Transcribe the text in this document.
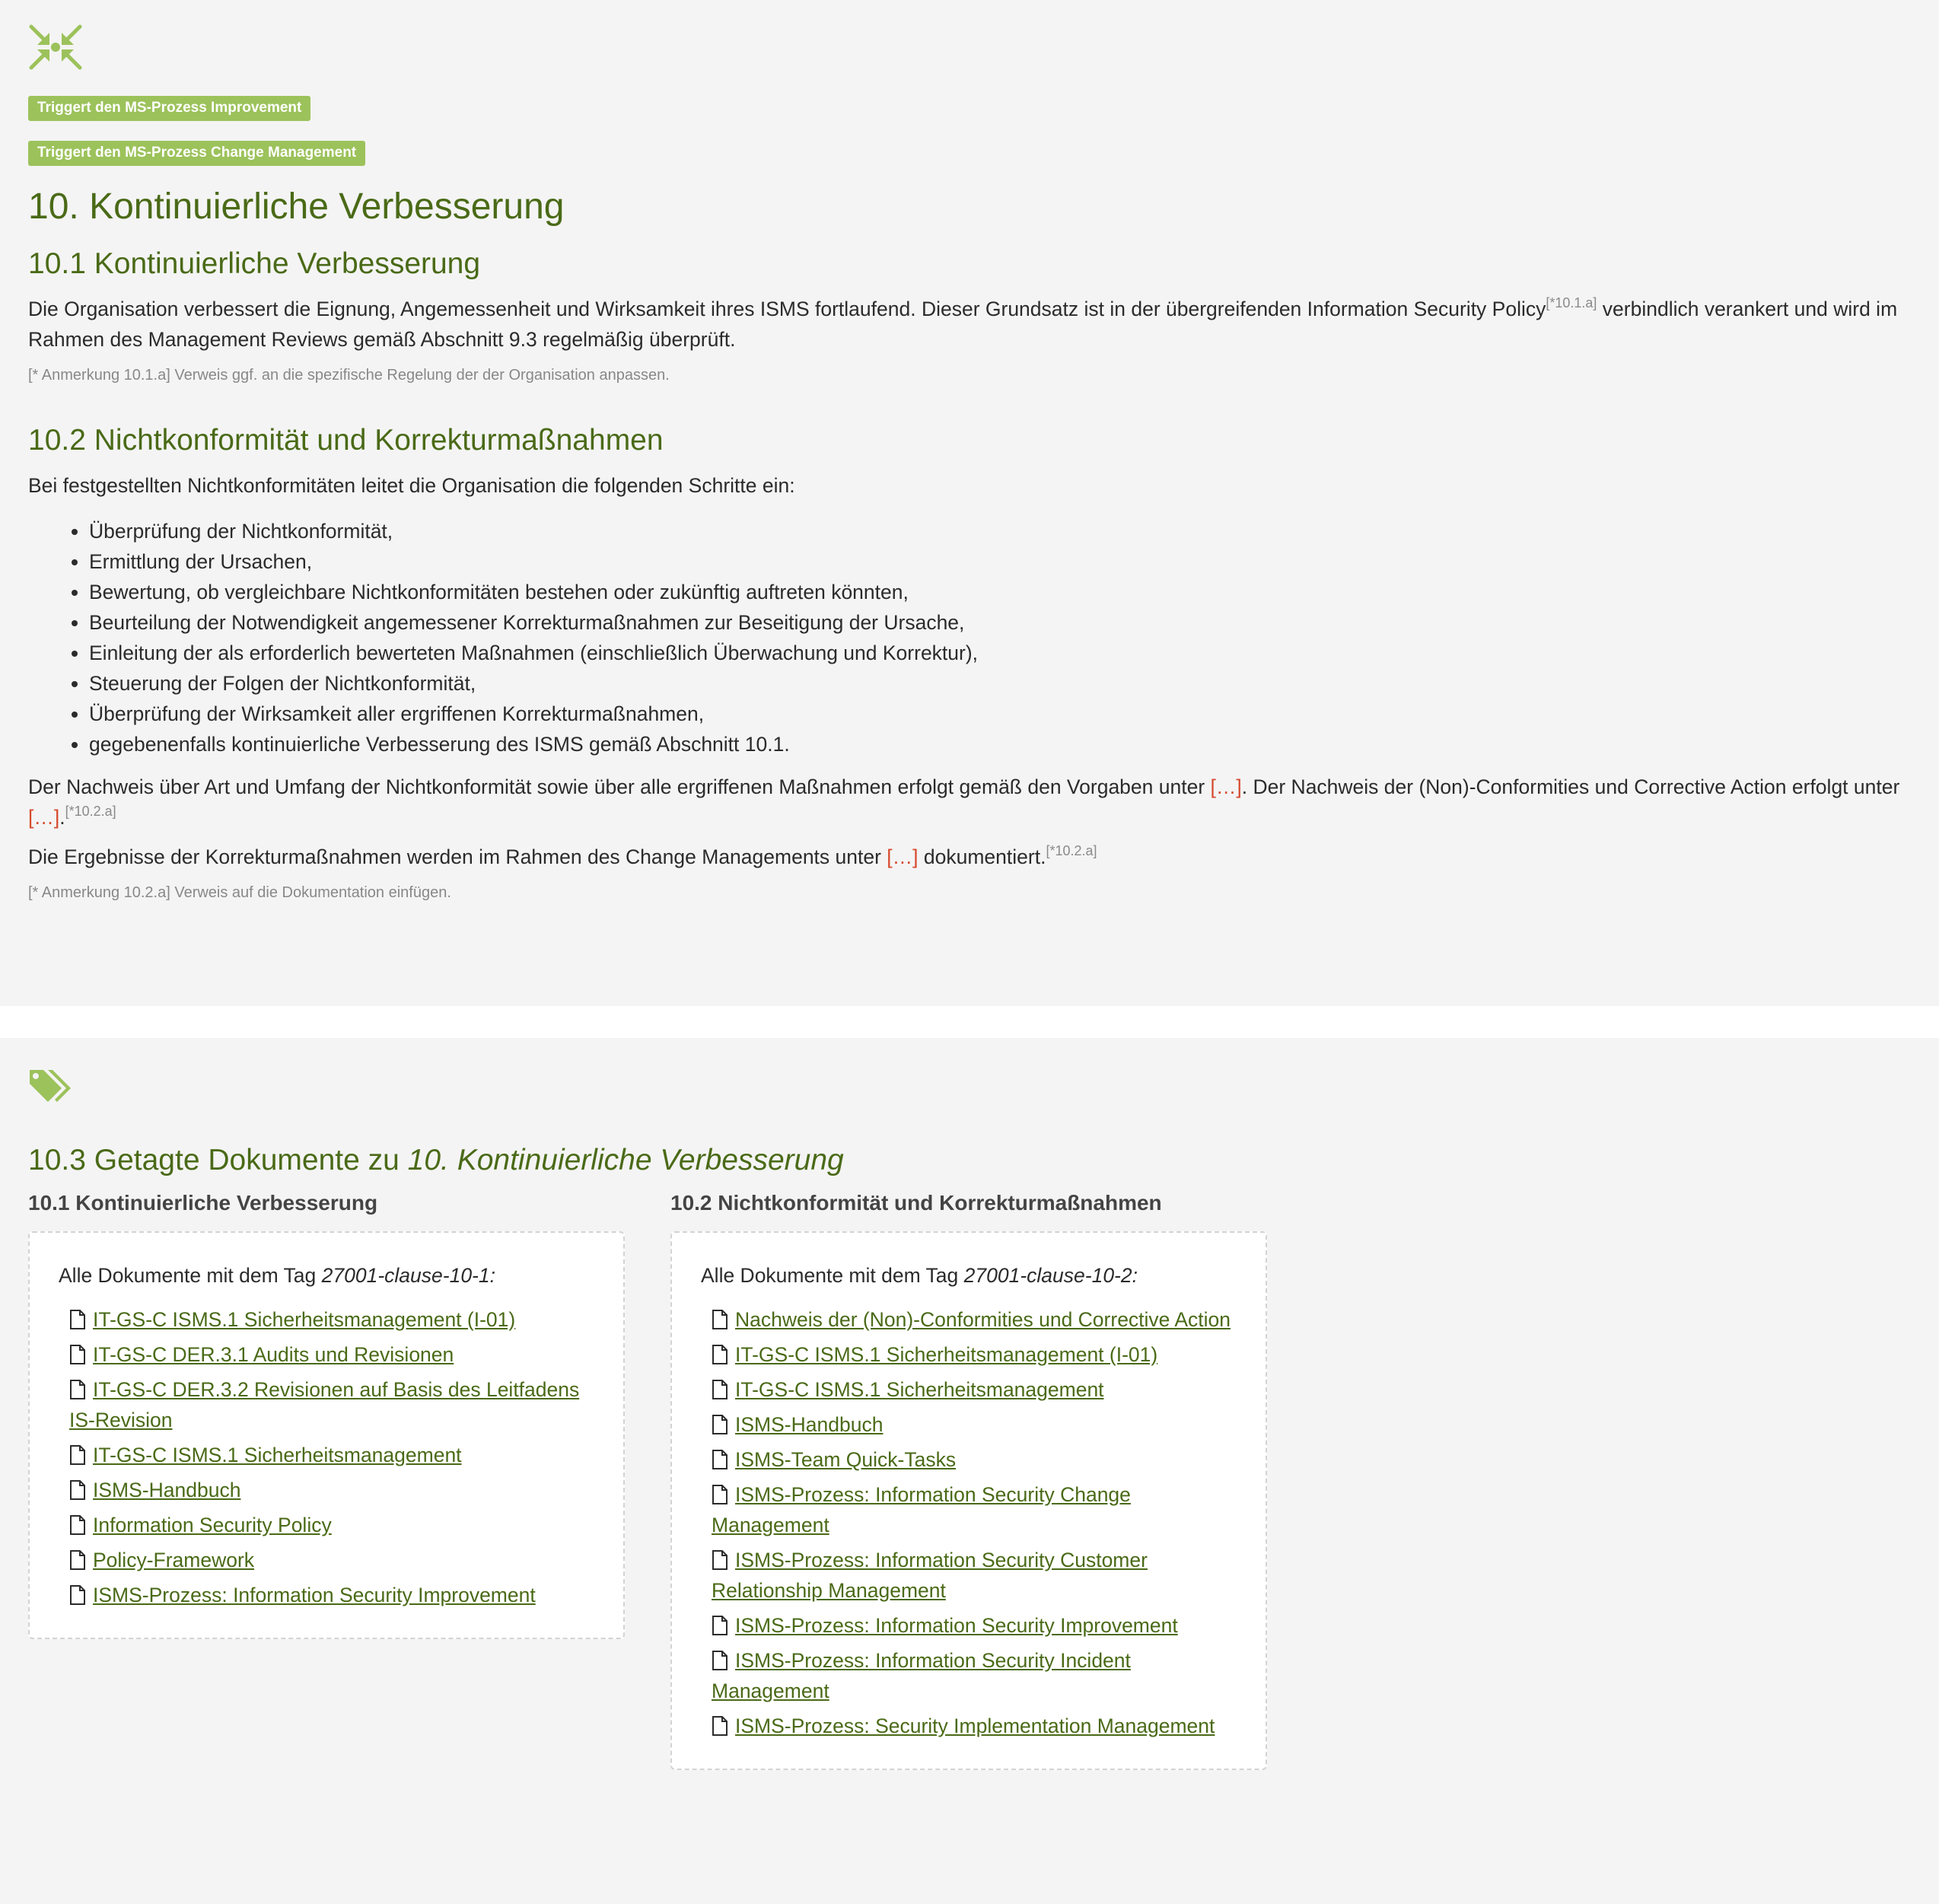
Triggert den MS-Prozess Improvement
Triggert den MS-Prozess Change Management
10. Kontinuierliche Verbesserung
10.1 Kontinuierliche Verbesserung

Die Organisation verbessert die Eignung, Angemessenheit und Wirksamkeit ihres ISMS fortlaufend. Dieser Grundsatz ist in der übergreifenden Information Security Policy[*10.1.a] verbindlich verankert und wird im Rahmen des Management Reviews gemäß Abschnitt 9.3 regelmäßig überprüft.

[* Anmerkung 10.1.a] Verweis ggf. an die spezifische Regelung der der Organisation anpassen.

10.2 Nichtkonformität und Korrekturmaßnahmen

Bei festgestellten Nichtkonformitäten leitet die Organisation die folgenden Schritte ein:

• Überprüfung der Nichtkonformität,
• Ermittlung der Ursachen,
• Bewertung, ob vergleichbare Nichtkonformitäten bestehen oder zukünftig auftreten könnten,
• Beurteilung der Notwendigkeit angemessener Korrekturmaßnahmen zur Beseitigung der Ursache,
• Einleitung der als erforderlich bewerteten Maßnahmen (einschließlich Überwachung und Korrektur),
• Steuerung der Folgen der Nichtkonformität,
• Überprüfung der Wirksamkeit aller ergriffenen Korrekturmaßnahmen,
• gegebenenfalls kontinuierliche Verbesserung des ISMS gemäß Abschnitt 10.1.

Der Nachweis über Art und Umfang der Nichtkonformität sowie über alle ergriffenen Maßnahmen erfolgt gemäß den Vorgaben unter […]. Der Nachweis der (Non)-Conformities und Corrective Action erfolgt unter […].[*10.2.a]

Die Ergebnisse der Korrekturmaßnahmen werden im Rahmen des Change Managements unter […] dokumentiert.[*10.2.a]

[* Anmerkung 10.2.a] Verweis auf die Dokumentation einfügen.

10.3 Getagte Dokumente zu 10. Kontinuierliche Verbesserung
10.1 Kontinuierliche Verbesserung

Alle Dokumente mit dem Tag 27001-clause-10-1:

IT-GS-C ISMS.1 Sicherheitsmanagement (I-01)
IT-GS-C DER.3.1 Audits und Revisionen
IT-GS-C DER.3.2 Revisionen auf Basis des Leitfadens IS-Revision
IT-GS-C ISMS.1 Sicherheitsmanagement
ISMS-Handbuch
Information Security Policy
Policy-Framework
ISMS-Prozess: Information Security Improvement
10.2 Nichtkonformität und Korrekturmaßnahmen

Alle Dokumente mit dem Tag 27001-clause-10-2:

Nachweis der (Non)-Conformities und Corrective Action
IT-GS-C ISMS.1 Sicherheitsmanagement (I-01)
IT-GS-C ISMS.1 Sicherheitsmanagement
ISMS-Handbuch
ISMS-Team Quick-Tasks
ISMS-Prozess: Information Security Change Management
ISMS-Prozess: Information Security Customer Relationship Management
ISMS-Prozess: Information Security Improvement
ISMS-Prozess: Information Security Incident Management
ISMS-Prozess: Security Implementation Management
